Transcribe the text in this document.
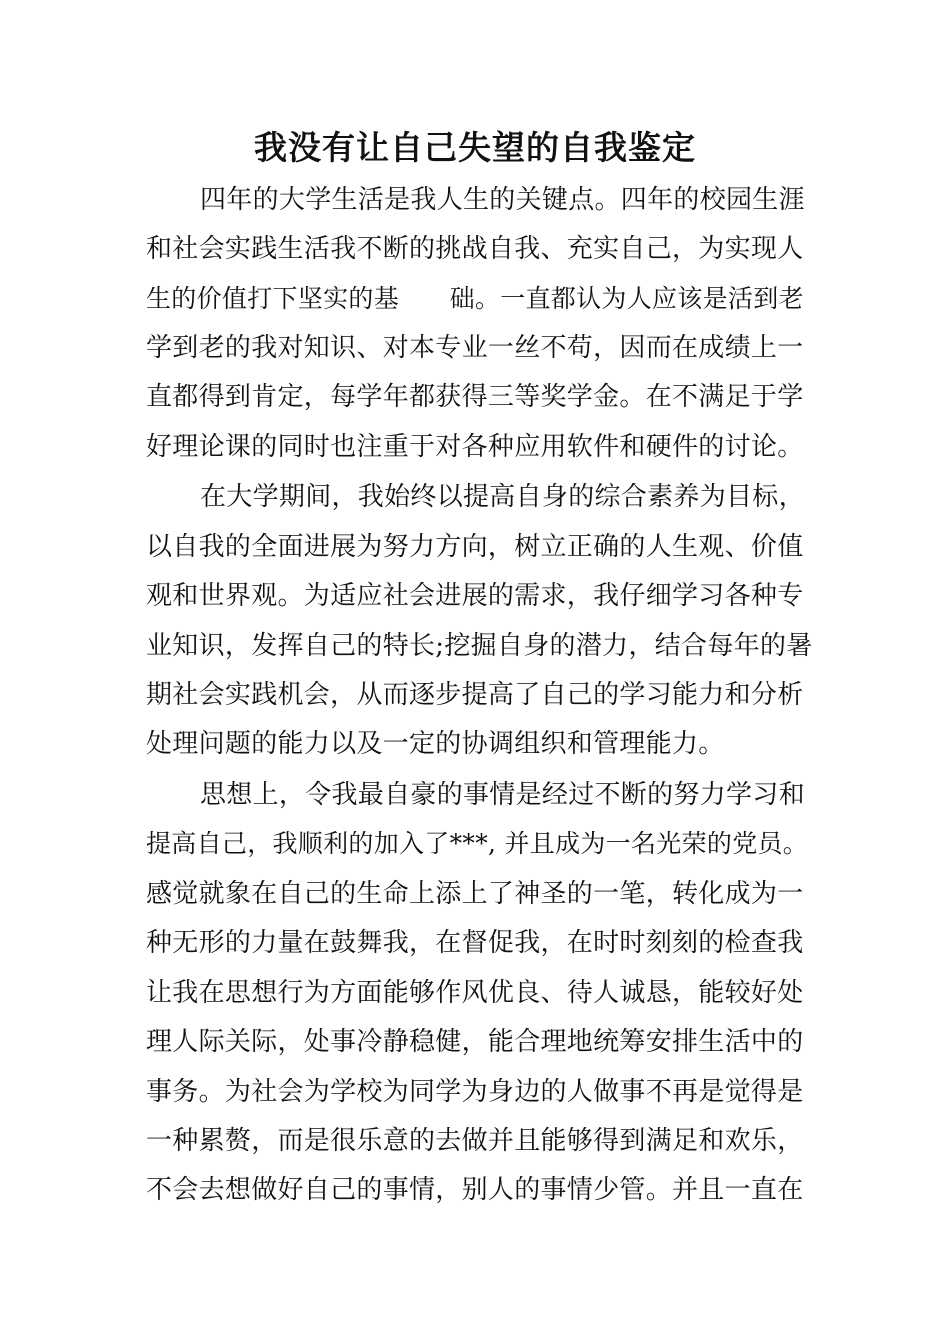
我没有让自己失望的自我鉴定

四年的大学生活是我人生的关键点。四年的校园生涯

和社会实践生活我不断的挑战自我、充实自己，为实现人

生的价值打下坚实的基　　础。一直都认为人应该是活到老

学到老的我对知识、对本专业一丝不苟，因而在成绩上一

直都得到肯定，每学年都获得三等奖学金。在不满足于学

好理论课的同时也注重于对各种应用软件和硬件的讨论。

在大学期间，我始终以提高自身的综合素养为目标，

以自我的全面进展为努力方向，树立正确的人生观、价值

观和世界观。为适应社会进展的需求，我仔细学习各种专

业知识，发挥自己的特长;挖掘自身的潜力，结合每年的暑

期社会实践机会，从而逐步提高了自己的学习能力和分析

处理问题的能力以及一定的协调组织和管理能力。

思想上，令我最自豪的事情是经过不断的努力学习和

提高自己，我顺利的加入了***, 并且成为一名光荣的党员。

感觉就象在自己的生命上添上了神圣的一笔，转化成为一

种无形的力量在鼓舞我，在督促我，在时时刻刻的检查我

让我在思想行为方面能够作风优良、待人诚恳，能较好处

理人际关际，处事冷静稳健，能合理地统筹安排生活中的

事务。为社会为学校为同学为身边的人做事不再是觉得是

一种累赘，而是很乐意的去做并且能够得到满足和欢乐，

不会去想做好自己的事情，别人的事情少管。并且一直在
